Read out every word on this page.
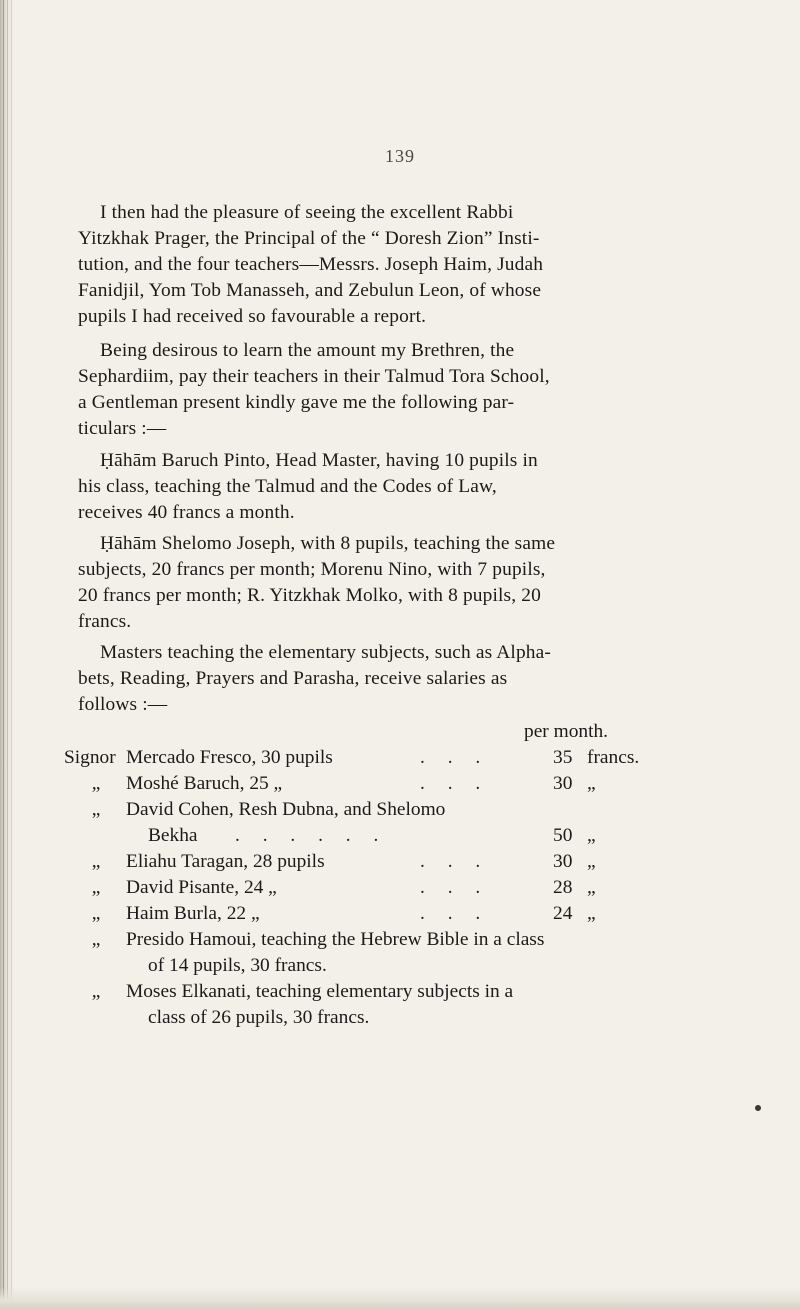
139

I then had the pleasure of seeing the excellent Rabbi
Yitzkhak Prager, the Principal of the “ Doresh Zion” Insti-
tution, and the four teachers—Messrs. Joseph Haim, Judah
Fanidjil, Yom Tob Manasseh, and Zebulun Leon, of whose
pupils I had received so favourable a report.

Being desirous to learn the amount my Brethren, the
Sephardiim, pay their teachers in their Talmud Tora School,
a Gentleman present kindly gave me the following par-
ticulars :—

Ḥāhām Baruch Pinto, Head Master, having 10 pupils in
his class, teaching the Talmud and the Codes of Law,
receives 40 francs a month.

Ḥāhām Shelomo Joseph, with 8 pupils, teaching the same
subjects, 20 francs per month; Morenu Nino, with 7 pupils,
20 francs per month; R. Yitzkhak Molko, with 8 pupils, 20
francs.

Masters teaching the elementary subjects, such as Alpha-
bets, Reading, Prayers and Parasha, receive salaries as
follows :—

per month.
Signor Mercado Fresco, 30 pupils	. . .	35 francs.
„	Moshé Baruch, 25 „	. . .	30 „
„	David Cohen, Resh Dubna, and Shelomo
Bekha . . . . . .	50 „
„	Eliahu Taragan, 28 pupils	. . .	30 „
„	David Pisante, 24 „	. . .	28 „
„	Haim Burla, 22 „	. . .	24 „
„	Presido Hamoui, teaching the Hebrew Bible in a class
of 14 pupils, 30 francs.
„	Moses Elkanati, teaching elementary subjects in a
class of 26 pupils, 30 francs.
